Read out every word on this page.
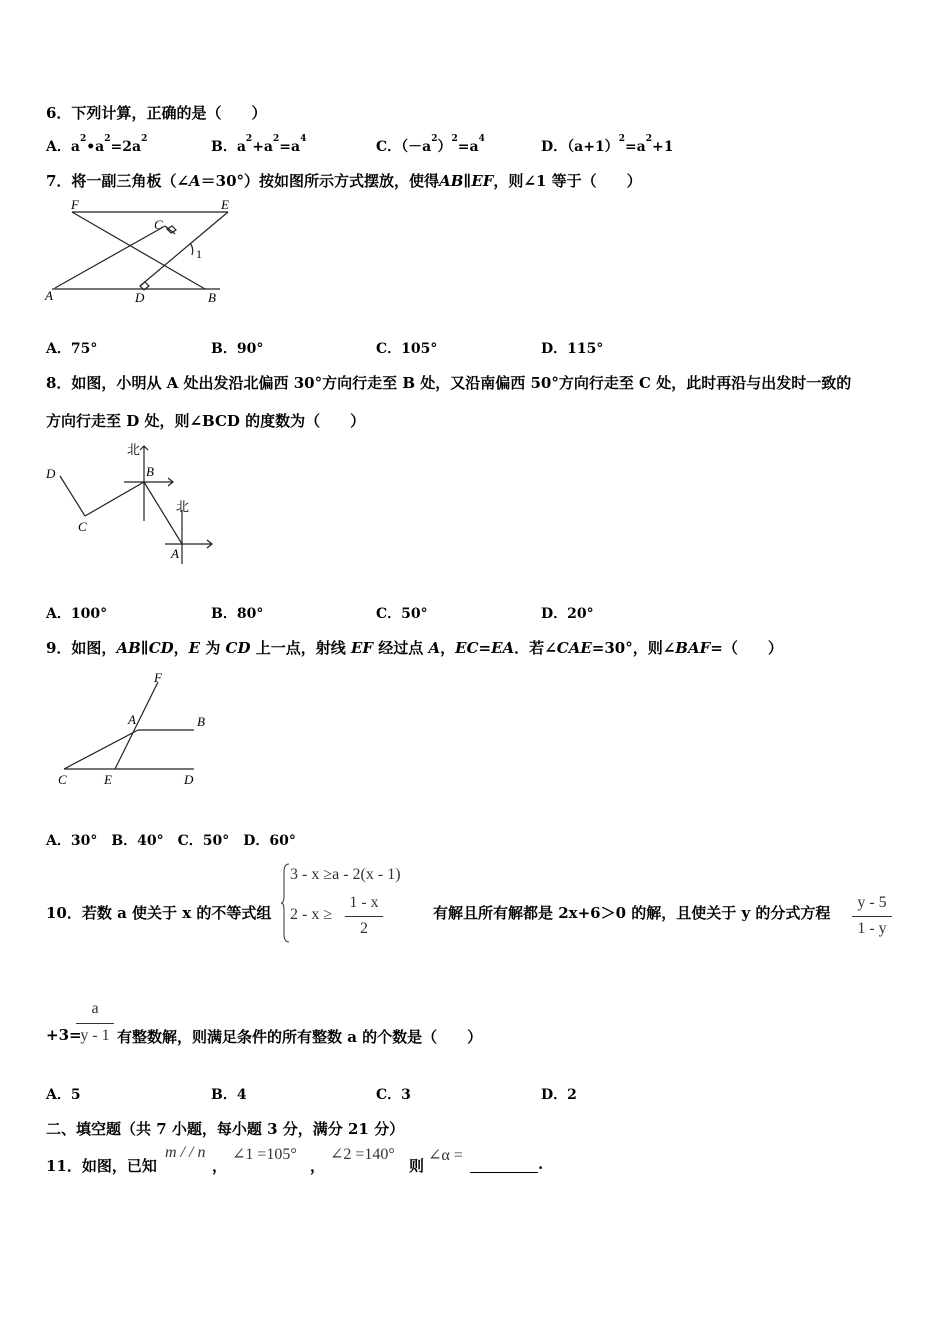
6．下列计算，正确的是（　　）
A．$a^2•a^2=2a^2$	B．$a^2+a^2=a^4$	C．$(-a^2)^2=a^4$	D．$(a+1)^2=a^2+1$
7．将一副三角板（∠A＝30°）按如图所示方式摆放，使得AB∥EF，则∠1 等于（　　）
F	E
C
1
A	D	B
A．75°	B．90°	C．105°	D．115°
8．如图，小明从 A 处出发沿北偏西 30°方向行走至 B 处，又沿南偏西 50°方向行走至 C 处，此时再沿与出发时一致的
方向行走至 D 处，则∠BCD 的度数为（　　）
北
北
B
D
C
A
A．100°	B．80°	C．50°	D．20°
9．如图，AB∥CD，E 为 CD 上一点，射线 EF 经过点 A，EC=EA．若∠CAE=30°，则∠BAF=（　　）
F
A	B
C	E	D
A．30°　B．40°　C．50°　D．60°
10．若数 a 使关于 x 的不等式组
3 - x ≥a - 2(x - 1)
2 - x ≥
1 - x
2
有解且所有解都是 2x+6＞0 的解，且使关于 y 的分式方程
y - 5
1 - y
+3=
a
y - 1 有整数解，则满足条件的所有整数 a 的个数是（　　）
A．5	B．4	C．3	D．2
二、填空题（共 7 小题，每小题 3 分，满分 21 分）
11．如图，已知
m / / n
，
∠1 =105°
，
∠2 =140°
则
∠α =	.
